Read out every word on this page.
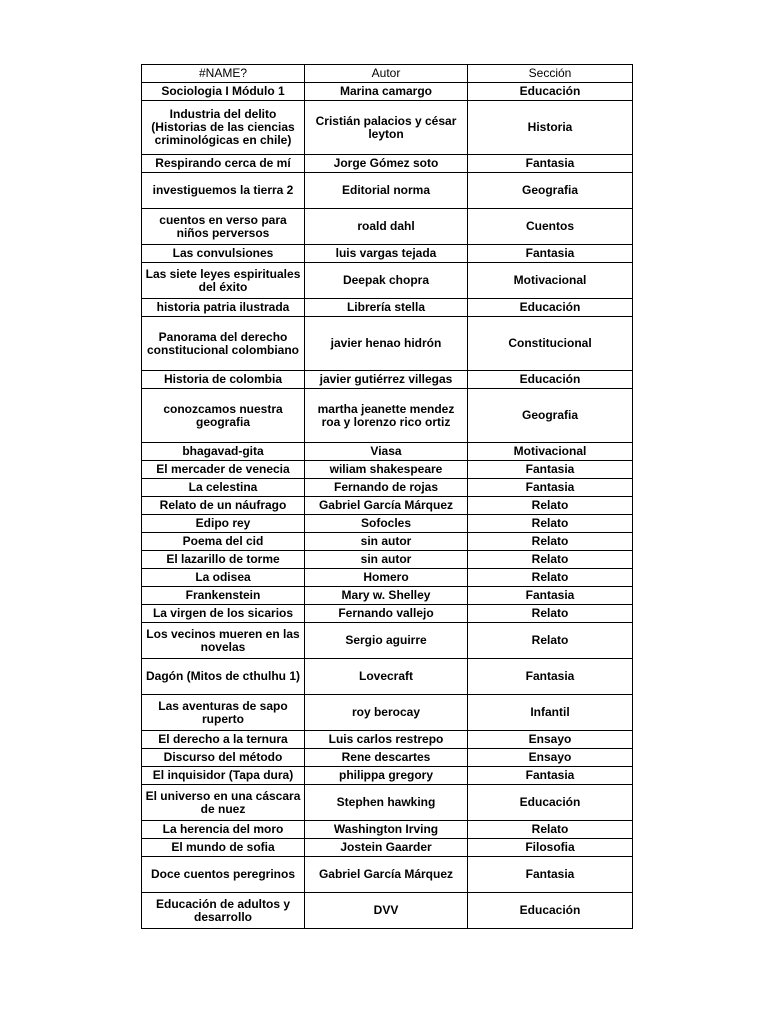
#NAME?	Autor	Sección
Sociologia I Módulo 1	Marina camargo	Educación
Industria del delito (Historias de las ciencias criminológicas en chile)	Cristián palacios y césar leyton	Historia
Respirando cerca de mí	Jorge Gómez soto	Fantasia
investiguemos la tierra 2	Editorial norma	Geografia
cuentos en verso para niños perversos	roald dahl	Cuentos
Las convulsiones	luis vargas tejada	Fantasia
Las siete leyes espirituales del éxito	Deepak chopra	Motivacional
historia patria ilustrada	Librería stella	Educación
Panorama del derecho constitucional colombiano	javier henao hidrón	Constitucional
Historia de colombia	javier gutiérrez villegas	Educación
conozcamos nuestra geografia	martha jeanette mendez roa y lorenzo rico ortiz	Geografia
bhagavad-gita	Viasa	Motivacional
El mercader de venecia	wiliam shakespeare	Fantasia
La celestina	Fernando de rojas	Fantasia
Relato de un náufrago	Gabriel García Márquez	Relato
Edipo rey	Sofocles	Relato
Poema del cid	sin autor	Relato
El lazarillo de torme	sin autor	Relato
La odisea	Homero	Relato
Frankenstein	Mary w. Shelley	Fantasia
La virgen de los sicarios	Fernando vallejo	Relato
Los vecinos mueren en las novelas	Sergio aguirre	Relato
Dagón (Mitos de cthulhu 1)	Lovecraft	Fantasia
Las aventuras de sapo ruperto	roy berocay	Infantil
El derecho a la ternura	Luis carlos restrepo	Ensayo
Discurso del método	Rene descartes	Ensayo
El inquisidor (Tapa dura)	philippa gregory	Fantasia
El universo en una cáscara de nuez	Stephen hawking	Educación
La herencia del moro	Washington Irving	Relato
El mundo de sofia	Jostein Gaarder	Filosofia
Doce cuentos peregrinos	Gabriel García Márquez	Fantasia
Educación de adultos y desarrollo	DVV	Educación
